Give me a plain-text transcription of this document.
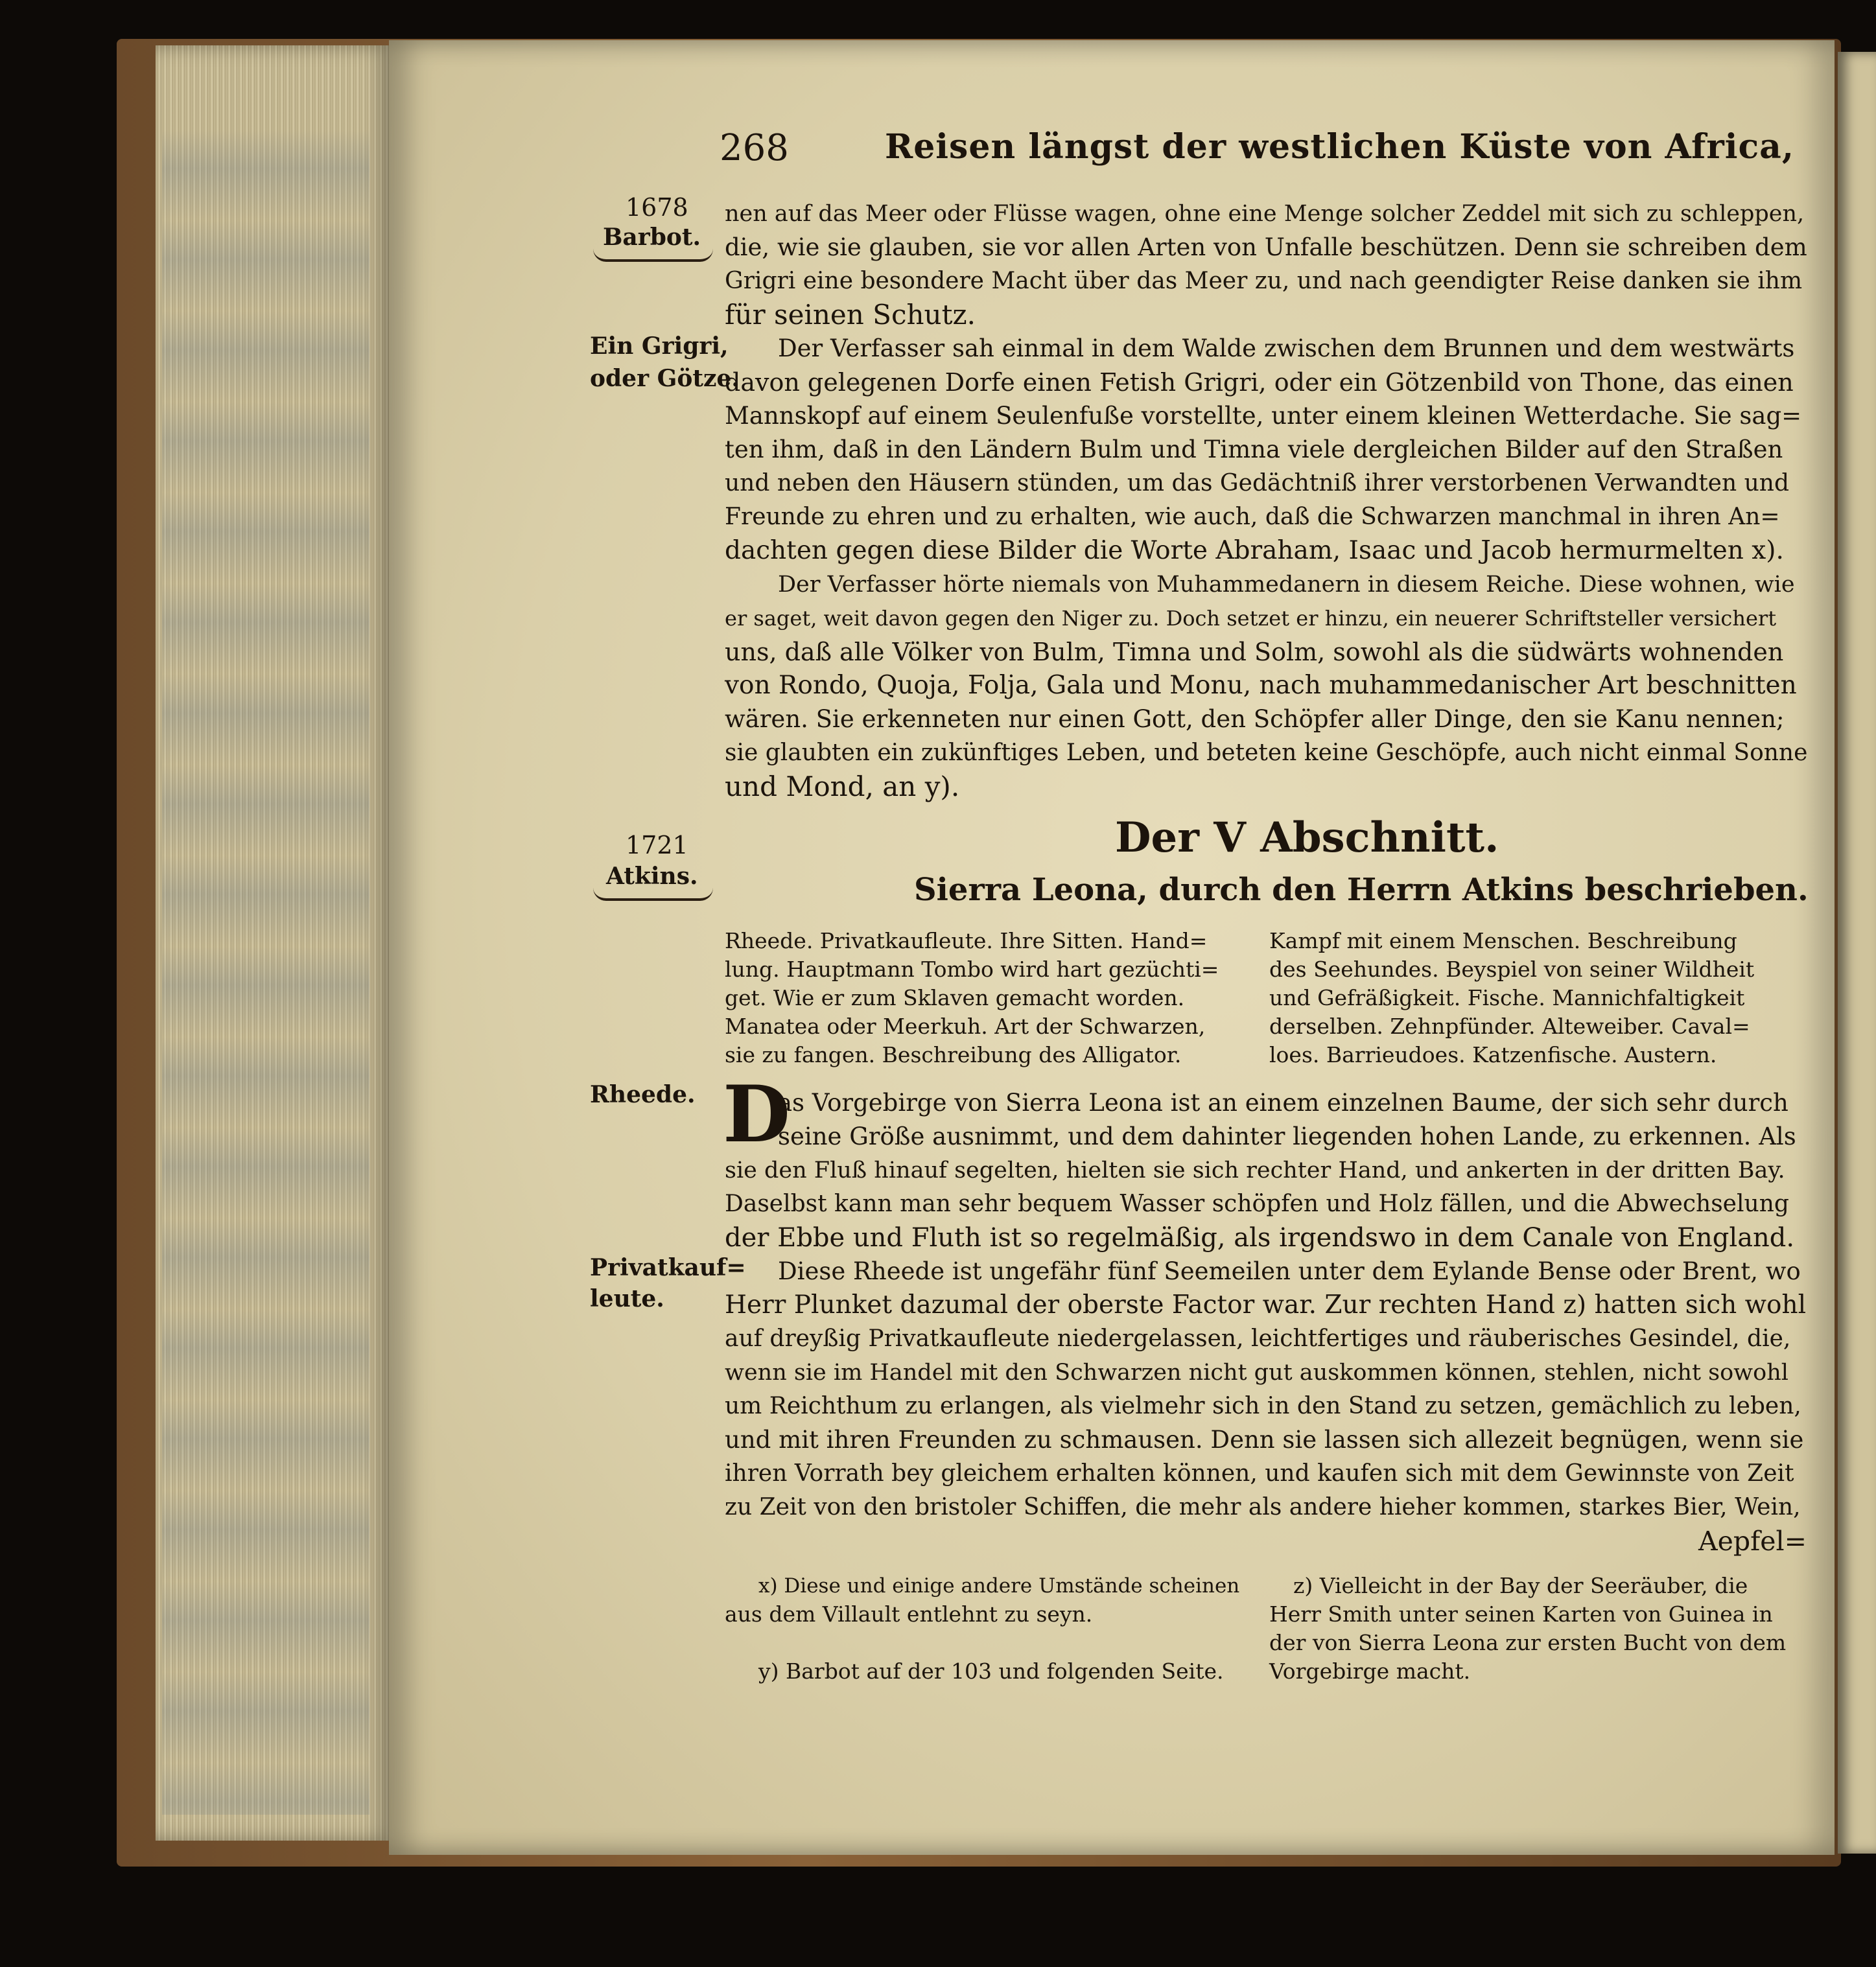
268	Reisen längst der westlichen Küste von Africa,
1678
Barbot.
Ein Grigri,
oder Götze.
1721
Atkins.
Rheede.
Privatkauf=
leute.
nen auf das Meer oder Flüsse wagen, ohne eine Menge solcher Zeddel mit sich zu schleppen,
die, wie sie glauben, sie vor allen Arten von Unfalle beschützen. Denn sie schreiben dem
Grigri eine besondere Macht über das Meer zu, und nach geendigter Reise danken sie ihm
für seinen Schutz.
Der Verfasser sah einmal in dem Walde zwischen dem Brunnen und dem westwärts
davon gelegenen Dorfe einen Fetish Grigri, oder ein Götzenbild von Thone, das einen
Mannskopf auf einem Seulenfuße vorstellte, unter einem kleinen Wetterdache. Sie sag=
ten ihm, daß in den Ländern Bulm und Timna viele dergleichen Bilder auf den Straßen
und neben den Häusern stünden, um das Gedächtniß ihrer verstorbenen Verwandten und
Freunde zu ehren und zu erhalten, wie auch, daß die Schwarzen manchmal in ihren An=
dachten gegen diese Bilder die Worte Abraham, Isaac und Jacob hermurmelten x).
Der Verfasser hörte niemals von Muhammedanern in diesem Reiche. Diese wohnen, wie
er saget, weit davon gegen den Niger zu. Doch setzet er hinzu, ein neuerer Schriftsteller versichert
uns, daß alle Völker von Bulm, Timna und Solm, sowohl als die südwärts wohnenden
von Rondo, Quoja, Folja, Gala und Monu, nach muhammedanischer Art beschnitten
wären. Sie erkenneten nur einen Gott, den Schöpfer aller Dinge, den sie Kanu nennen;
sie glaubten ein zukünftiges Leben, und beteten keine Geschöpfe, auch nicht einmal Sonne
und Mond, an y).
Der V Abschnitt.
Sierra Leona, durch den Herrn Atkins beschrieben.
Rheede. Privatkaufleute. Ihre Sitten. Hand=
lung. Hauptmann Tombo wird hart gezüchti=
get. Wie er zum Sklaven gemacht worden.
Manatea oder Meerkuh. Art der Schwarzen,
sie zu fangen. Beschreibung des Alligator.
Kampf mit einem Menschen. Beschreibung
des Seehundes. Beyspiel von seiner Wildheit
und Gefräßigkeit. Fische. Mannichfaltigkeit
derselben. Zehnpfünder. Alteweiber. Caval=
loes. Barrieudoes. Katzenfische. Austern.
D
as Vorgebirge von Sierra Leona ist an einem einzelnen Baume, der sich sehr durch
seine Größe ausnimmt, und dem dahinter liegenden hohen Lande, zu erkennen. Als
sie den Fluß hinauf segelten, hielten sie sich rechter Hand, und ankerten in der dritten Bay.
Daselbst kann man sehr bequem Wasser schöpfen und Holz fällen, und die Abwechselung
der Ebbe und Fluth ist so regelmäßig, als irgendswo in dem Canale von England.
Diese Rheede ist ungefähr fünf Seemeilen unter dem Eylande Bense oder Brent, wo
Herr Plunket dazumal der oberste Factor war. Zur rechten Hand z) hatten sich wohl
auf dreyßig Privatkaufleute niedergelassen, leichtfertiges und räuberisches Gesindel, die,
wenn sie im Handel mit den Schwarzen nicht gut auskommen können, stehlen, nicht sowohl
um Reichthum zu erlangen, als vielmehr sich in den Stand zu setzen, gemächlich zu leben,
und mit ihren Freunden zu schmausen. Denn sie lassen sich allezeit begnügen, wenn sie
ihren Vorrath bey gleichem erhalten können, und kaufen sich mit dem Gewinnste von Zeit
zu Zeit von den bristoler Schiffen, die mehr als andere hieher kommen, starkes Bier, Wein,
Aepfel=
x) Diese und einige andere Umstände scheinen
aus dem Villault entlehnt zu seyn.
y) Barbot auf der 103 und folgenden Seite.
z) Vielleicht in der Bay der Seeräuber, die
Herr Smith unter seinen Karten von Guinea in
der von Sierra Leona zur ersten Bucht von dem
Vorgebirge macht.
